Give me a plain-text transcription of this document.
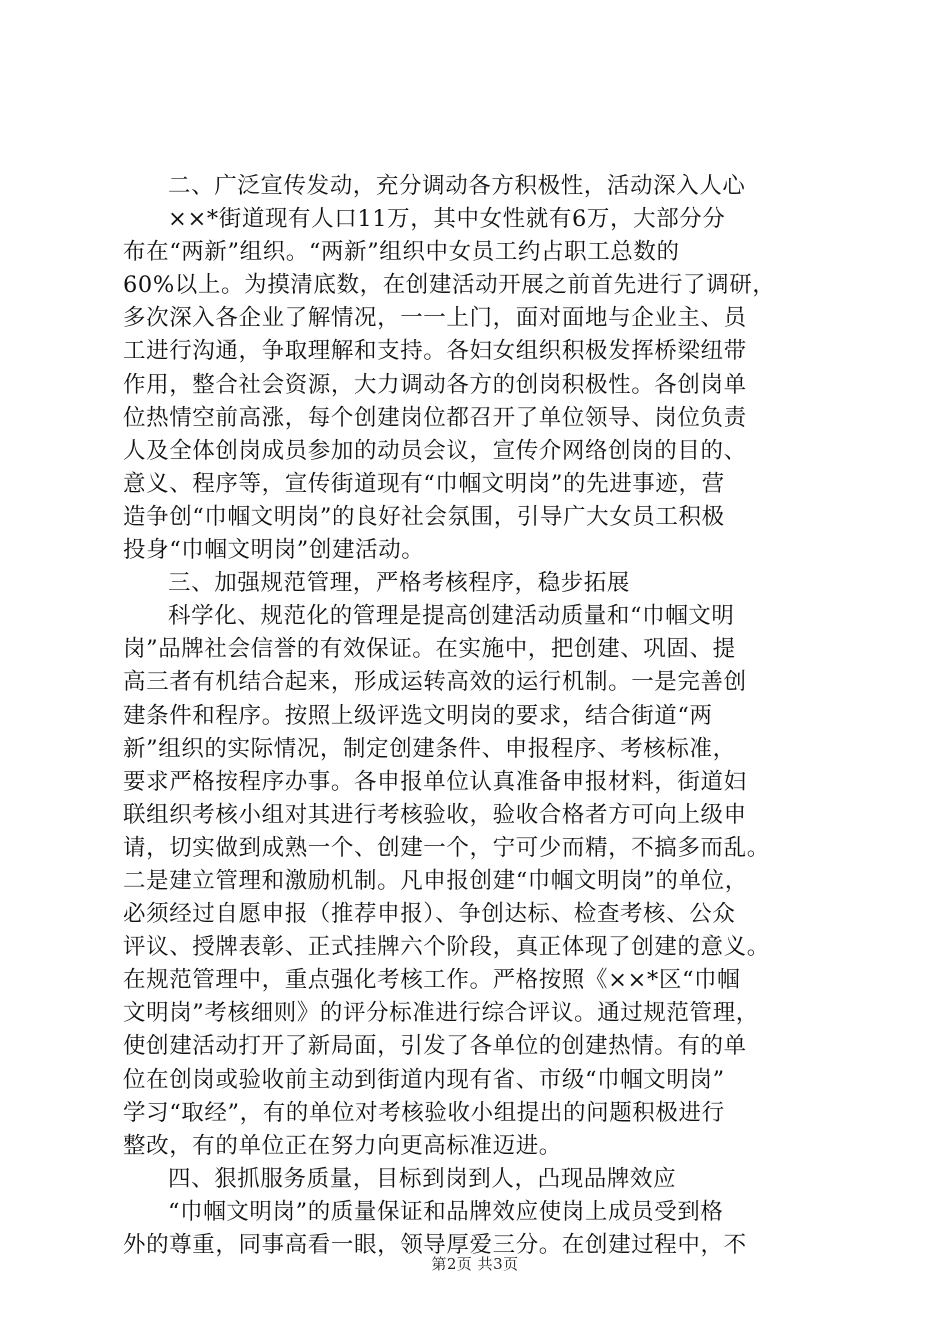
二、广泛宣传发动，充分调动各方积极性，活动深入人心
××*街道现有人口11万，其中女性就有6万，大部分分
布在“两新”组织。“两新”组织中女员工约占职工总数的
60%以上。为摸清底数，在创建活动开展之前首先进行了调研，
多次深入各企业了解情况，一一上门，面对面地与企业主、员
工进行沟通，争取理解和支持。各妇女组织积极发挥桥梁纽带
作用，整合社会资源，大力调动各方的创岗积极性。各创岗单
位热情空前高涨，每个创建岗位都召开了单位领导、岗位负责
人及全体创岗成员参加的动员会议，宣传介网络创岗的目的、
意义、程序等，宣传街道现有“巾帼文明岗”的先进事迹，营
造争创“巾帼文明岗”的良好社会氛围，引导广大女员工积极
投身“巾帼文明岗”创建活动。
三、加强规范管理，严格考核程序，稳步拓展
科学化、规范化的管理是提高创建活动质量和“巾帼文明
岗”品牌社会信誉的有效保证。在实施中，把创建、巩固、提
高三者有机结合起来，形成运转高效的运行机制。一是完善创
建条件和程序。按照上级评选文明岗的要求，结合街道“两
新”组织的实际情况，制定创建条件、申报程序、考核标准，
要求严格按程序办事。各申报单位认真准备申报材料，街道妇
联组织考核小组对其进行考核验收，验收合格者方可向上级申
请，切实做到成熟一个、创建一个，宁可少而精，不搞多而乱。
二是建立管理和激励机制。凡申报创建“巾帼文明岗”的单位，
必须经过自愿申报（推荐申报）、争创达标、检查考核、公众
评议、授牌表彰、正式挂牌六个阶段，真正体现了创建的意义。
在规范管理中，重点强化考核工作。严格按照《××*区“巾帼
文明岗”考核细则》的评分标准进行综合评议。通过规范管理，
使创建活动打开了新局面，引发了各单位的创建热情。有的单
位在创岗或验收前主动到街道内现有省、市级“巾帼文明岗”
学习“取经”，有的单位对考核验收小组提出的问题积极进行
整改，有的单位正在努力向更高标准迈进。
四、狠抓服务质量，目标到岗到人，凸现品牌效应
“巾帼文明岗”的质量保证和品牌效应使岗上成员受到格
外的尊重，同事高看一眼，领导厚爱三分。在创建过程中，不
第2页 共3页
